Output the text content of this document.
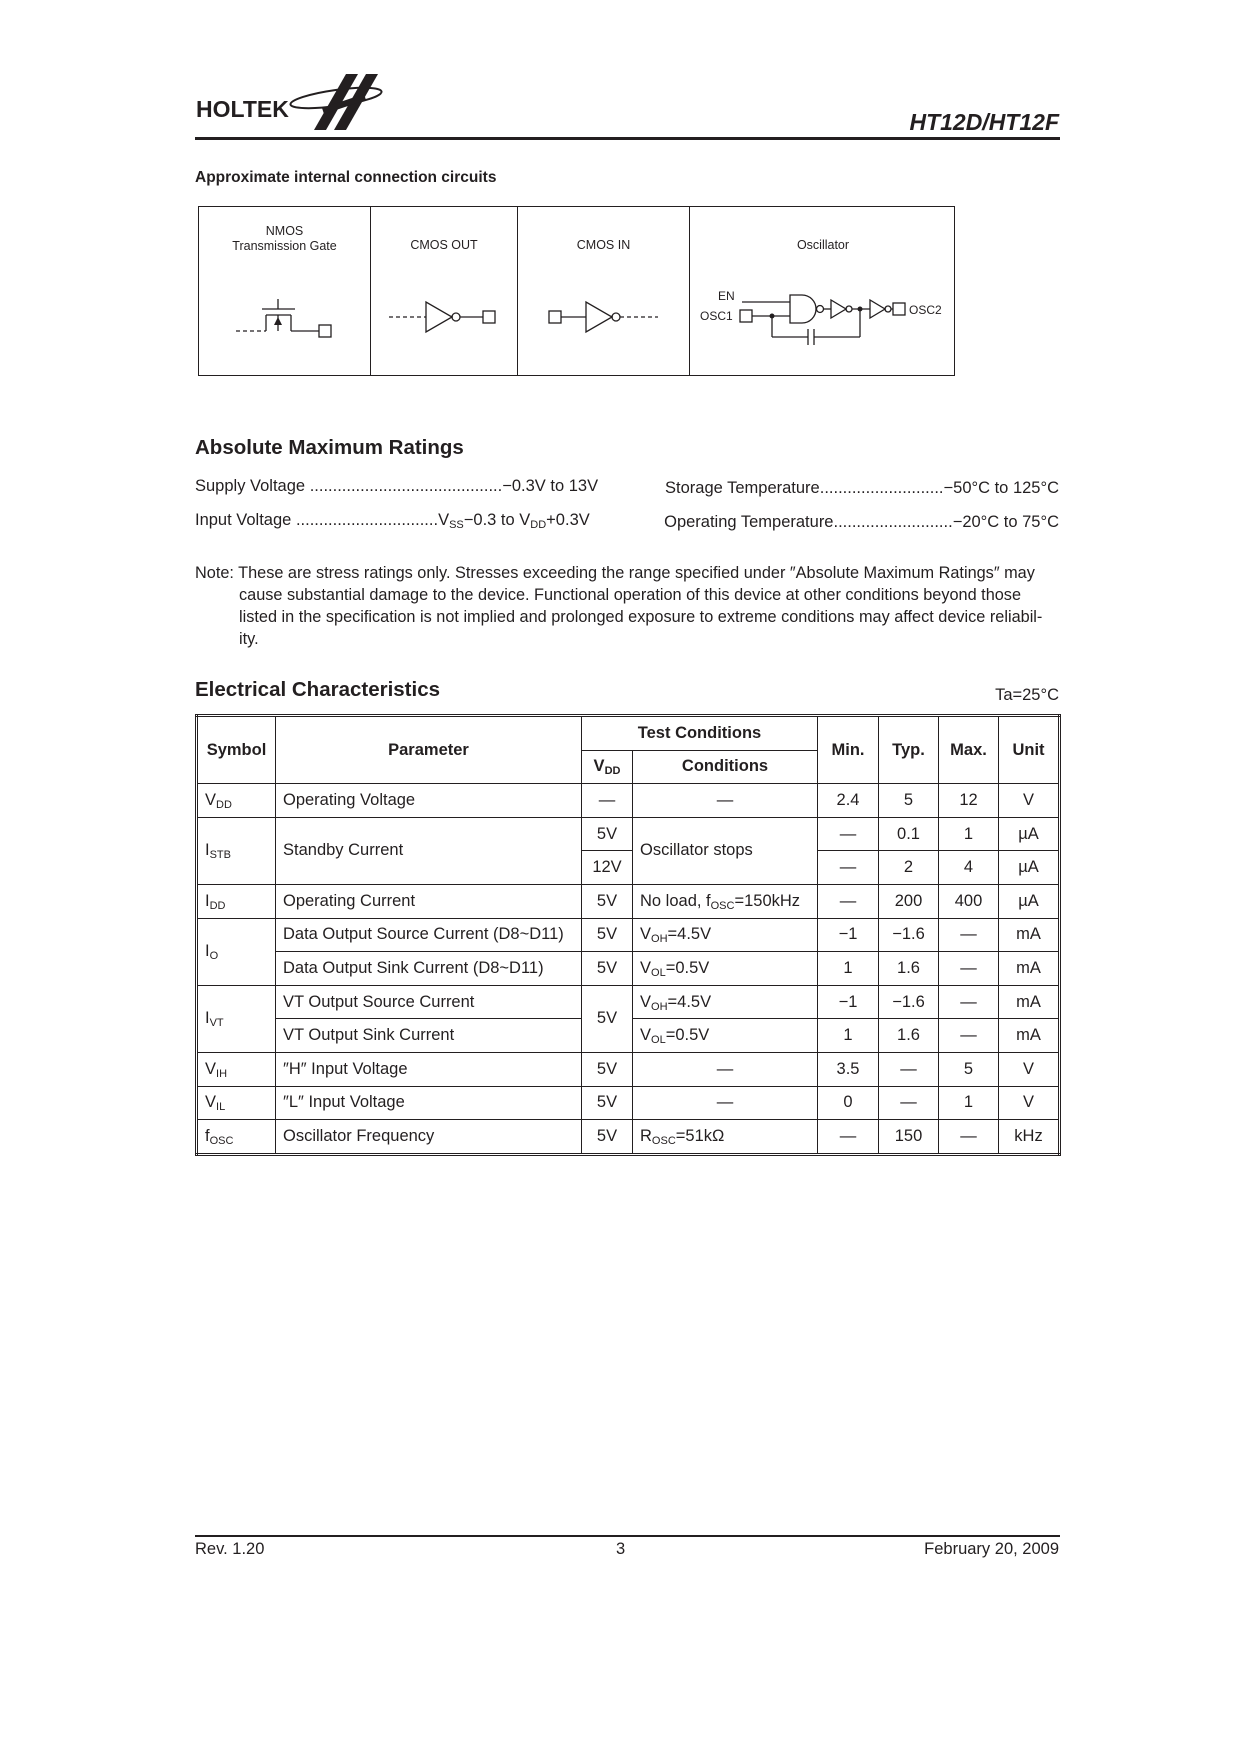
HOLTEK	HT12D/HT12F
Approximate internal connection circuits
NMOS
Transmission Gate	CMOS OUT	CMOS IN	Oscillator
EN
OSC1	OSC2
Absolute Maximum Ratings
Supply Voltage ..........................................−0.3V to 13V
Input Voltage $...............................V_{SS}-0.3$ to $V_{DD}+0.3V$
Storage Temperature...........................−50°C to 125°C
Operating Temperature..........................−20°C to 75°C
Note: These are stress ratings only. Stresses exceeding the range specified under ″Absolute Maximum Ratings″ may
cause substantial damage to the device. Functional operation of this device at other conditions beyond those listed in the specification is not implied and prolonged exposure to extreme conditions may affect device reliabil-ity.
Electrical Characteristics	Ta=25°C
Symbol	Parameter	Test Conditions		Min.	Typ.	Max.	Unit
		$V_{DD}$	Conditions				
$V_{DD}$	Operating Voltage	—	—	2.4	5	12	V
$I_{STB}$	Standby Current	5V	Oscillator stops	—	0.1	1	µA
		12V		—	2	4	µA
$I_{DD}$	Operating Current	5V	No load, $f_{OSC}=150kHz$	—	200	400	µA
$I_O$	Data Output Source Current (D8~D11)	5V	$V_{OH}=4.5V$	−1	−1.6	—	mA
	Data Output Sink Current (D8~D11)	5V	$V_{OL}=0.5V$	1	1.6	—	mA
$I_{VT}$	VT Output Source Current	5V	$V_{OH}=4.5V$	−1	−1.6	—	mA
	VT Output Sink Current		$V_{OL}=0.5V$	1	1.6	—	mA
$V_{IH}$	″H″ Input Voltage	5V	—	3.5	—	5	V
$V_{IL}$	″L″ Input Voltage	5V	—	0	—	1	V
$f_{OSC}$	Oscillator Frequency	5V	$R_{OSC}=51k\Omega$	—	150	—	kHz
Rev. 1.20	3	February 20, 2009
